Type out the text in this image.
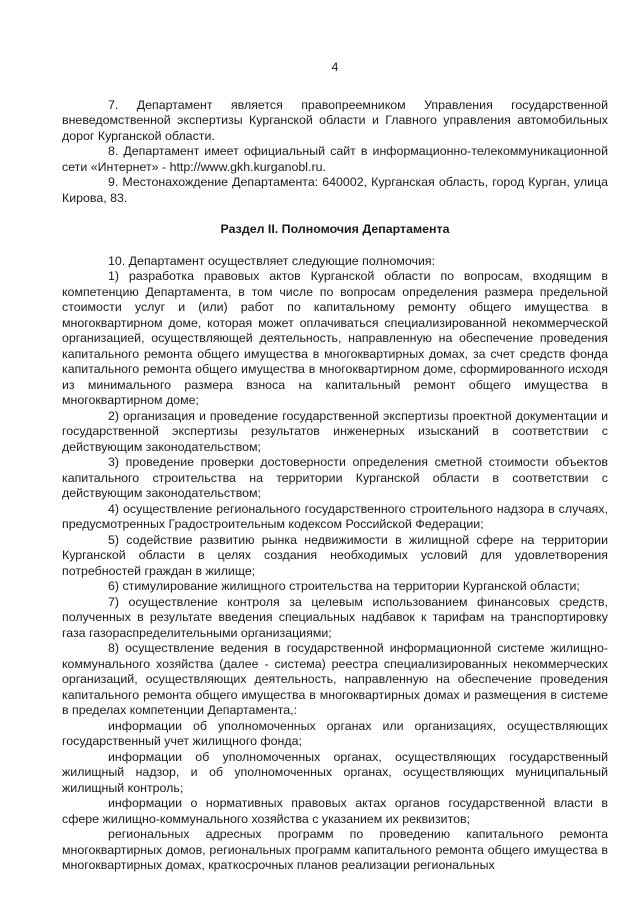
4

7. Департамент является правопреемником Управления государственной вневедомственной экспертизы Курганской области и Главного управления автомобильных дорог Курганской области.

8. Департамент имеет официальный сайт в информационно-телекоммуникационной сети «Интернет» - http://www.gkh.kurganobl.ru.

9. Местонахождение Департамента: 640002, Курганская область, город Курган, улица Кирова, 83.

Раздел II. Полномочия Департамента

10. Департамент осуществляет следующие полномочия:

1) разработка правовых актов Курганской области по вопросам, входящим в компетенцию Департамента, в том числе по вопросам определения размера предельной стоимости услуг и (или) работ по капитальному ремонту общего имущества в многоквартирном доме, которая может оплачиваться специализированной некоммерческой организацией, осуществляющей деятельность, направленную на обеспечение проведения капитального ремонта общего имущества в многоквартирных домах, за счет средств фонда капитального ремонта общего имущества в многоквартирном доме, сформированного исходя из минимального размера взноса на капитальный ремонт общего имущества в многоквартирном доме;

2) организация и проведение государственной экспертизы проектной документации и государственной экспертизы результатов инженерных изысканий в соответствии с действующим законодательством;

3) проведение проверки достоверности определения сметной стоимости объектов капитального строительства на территории Курганской области в соответствии с действующим законодательством;

4) осуществление регионального государственного строительного надзора в случаях, предусмотренных Градостроительным кодексом Российской Федерации;

5) содействие развитию рынка недвижимости в жилищной сфере на территории Курганской области в целях создания необходимых условий для удовлетворения потребностей граждан в жилище;

6) стимулирование жилищного строительства на территории Курганской области;

7) осуществление контроля за целевым использованием финансовых средств, полученных в результате введения специальных надбавок к тарифам на транспортировку газа газораспределительными организациями;

8) осуществление ведения в государственной информационной системе жилищно-коммунального хозяйства (далее - система) реестра специализированных некоммерческих организаций, осуществляющих деятельность, направленную на обеспечение проведения капитального ремонта общего имущества в многоквартирных домах и размещения в системе в пределах компетенции Департамента,:

информации об уполномоченных органах или организациях, осуществляющих государственный учет жилищного фонда;

информации об уполномоченных органах, осуществляющих государственный жилищный надзор, и об уполномоченных органах, осуществляющих муниципальный жилищный контроль;

информации о нормативных правовых актах органов государственной власти в сфере жилищно-коммунального хозяйства с указанием их реквизитов;

региональных адресных программ по проведению капитального ремонта многоквартирных домов, региональных программ капитального ремонта общего имущества в многоквартирных домах, краткосрочных планов реализации региональных
